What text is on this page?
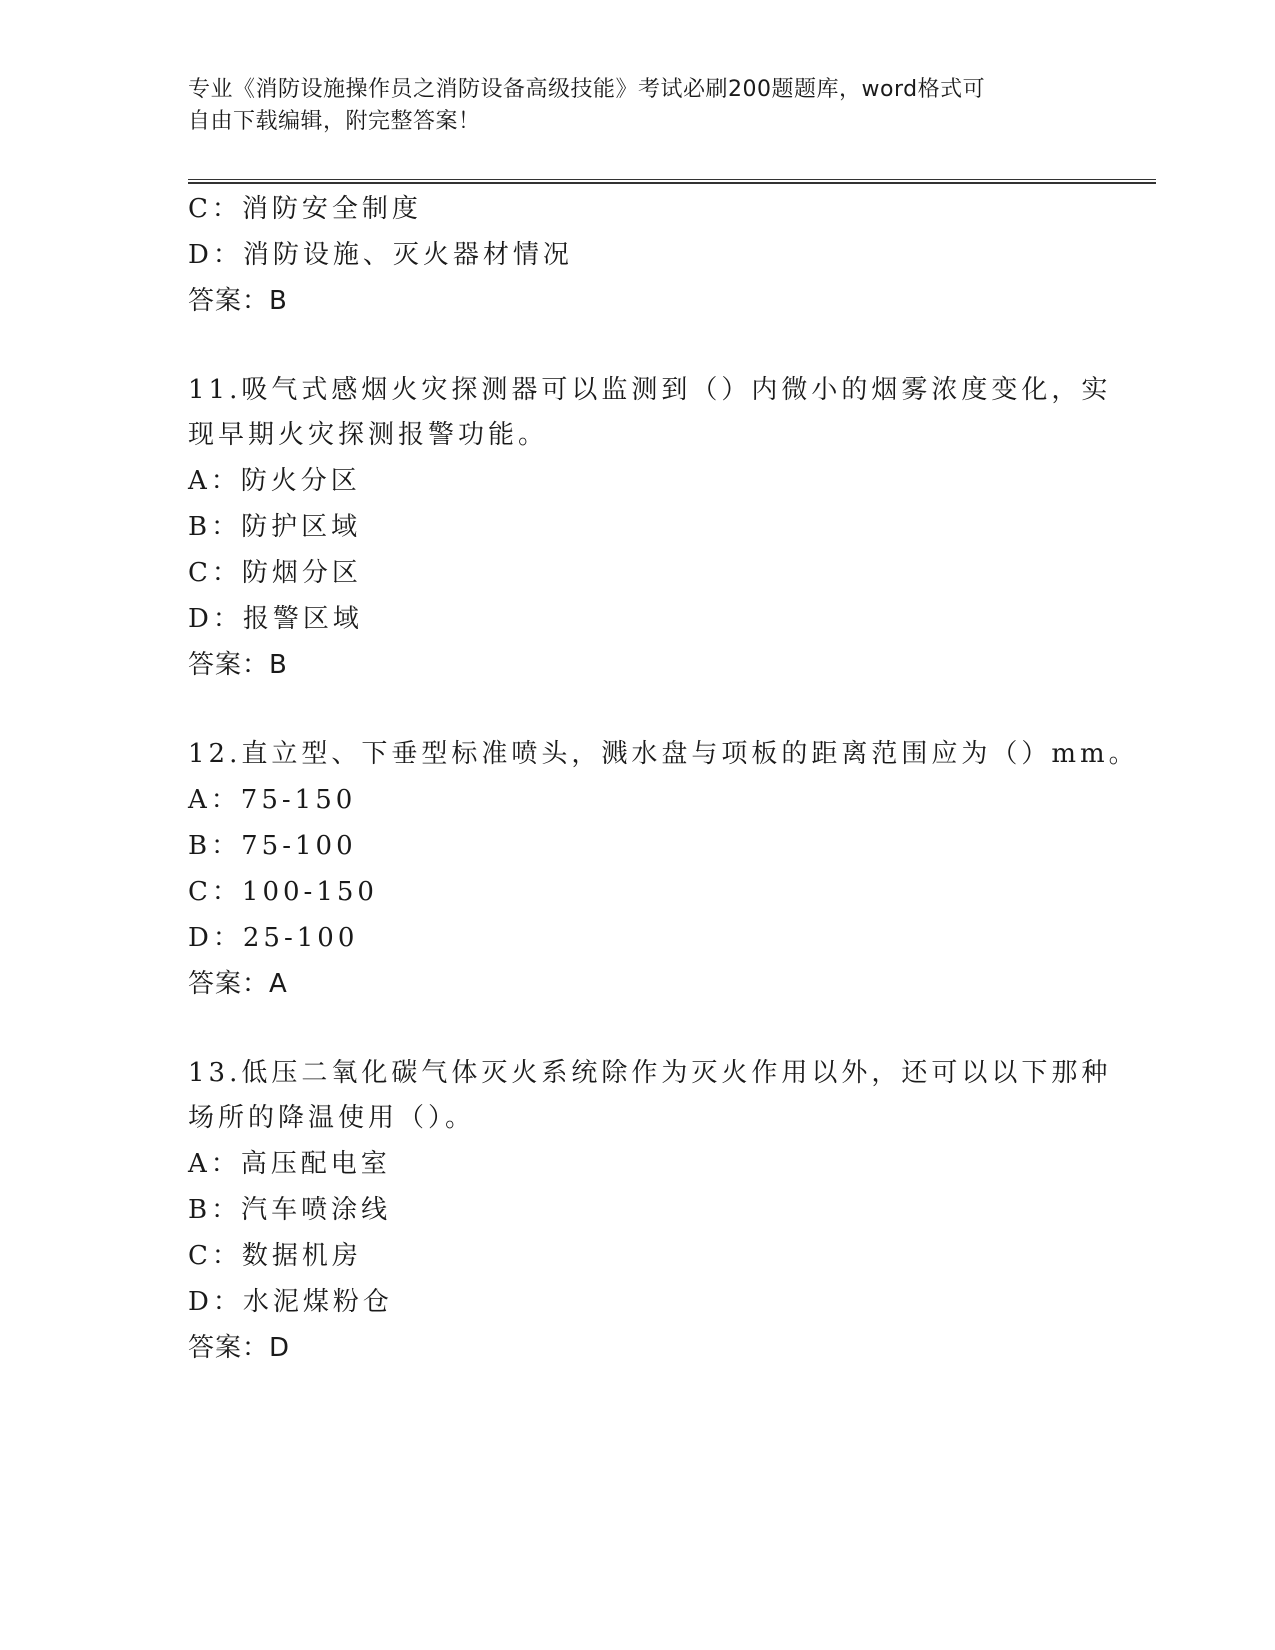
专业《消防设施操作员之消防设备高级技能》考试必刷200题题库，word格式可
自由下载编辑，附完整答案！
C：消防安全制度
D：消防设施、灭火器材情况
答案：B
11.吸气式感烟火灾探测器可以监测到（）内微小的烟雾浓度变化，实
现早期火灾探测报警功能。
A：防火分区
B：防护区域
C：防烟分区
D：报警区域
答案：B
12.直立型、下垂型标准喷头，溅水盘与项板的距离范围应为（）mm。
A：75-150
B：75-100
C：100-150
D：25-100
答案：A
13.低压二氧化碳气体灭火系统除作为灭火作用以外，还可以以下那种
场所的降温使用（）。
A：高压配电室
B：汽车喷涂线
C：数据机房
D：水泥煤粉仓
答案：D
